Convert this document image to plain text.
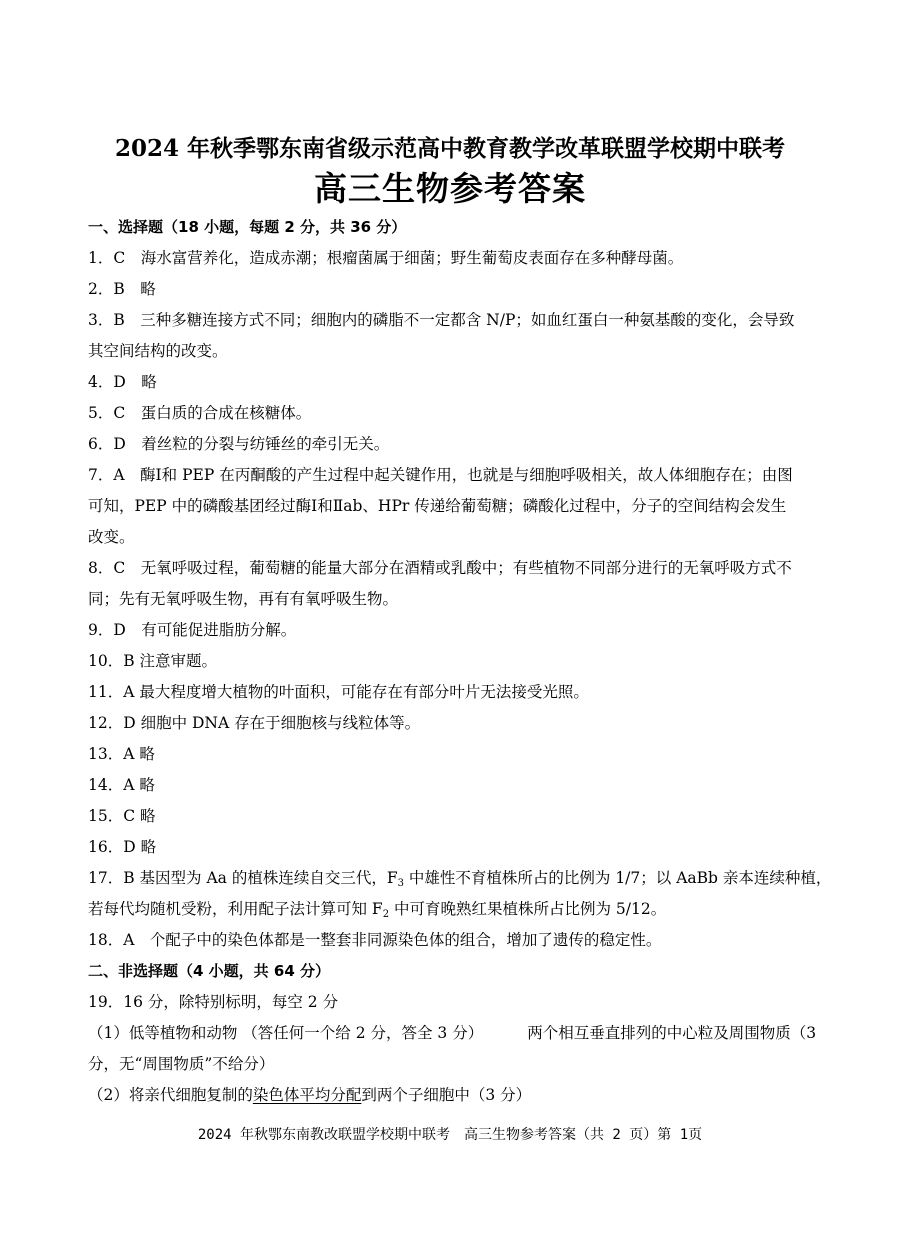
2024 年秋季鄂东南省级示范高中教育教学改革联盟学校期中联考
高三生物参考答案
一、选择题（18 小题，每题 2 分，共 36 分）
1．C　海水富营养化，造成赤潮；根瘤菌属于细菌；野生葡萄皮表面存在多种酵母菌。
2．B　略
3．B　三种多糖连接方式不同；细胞内的磷脂不一定都含 N/P；如血红蛋白一种氨基酸的变化，会导致
其空间结构的改变。
4．D　略
5．C　蛋白质的合成在核糖体。
6．D　着丝粒的分裂与纺锤丝的牵引无关。
7．A　酶Ⅰ和 PEP 在丙酮酸的产生过程中起关键作用，也就是与细胞呼吸相关，故人体细胞存在；由图
可知，PEP 中的磷酸基团经过酶Ⅰ和Ⅱab、HPr 传递给葡萄糖；磷酸化过程中，分子的空间结构会发生
改变。
8．C　无氧呼吸过程，葡萄糖的能量大部分在酒精或乳酸中；有些植物不同部分进行的无氧呼吸方式不
同；先有无氧呼吸生物，再有有氧呼吸生物。
9．D　有可能促进脂肪分解。
10．B 注意审题。
11．A 最大程度增大植物的叶面积，可能存在有部分叶片无法接受光照。
12．D 细胞中 DNA 存在于细胞核与线粒体等。
13．A 略
14．A 略
15．C 略
16．D 略
17．B 基因型为 Aa 的植株连续自交三代，$F_3$ 中雄性不育植株所占的比例为 1/7；以 AaBb 亲本连续种植，
若每代均随机受粉，利用配子法计算可知 $F_2$ 中可育晚熟红果植株所占比例为 5/12。
18．A　个配子中的染色体都是一整套非同源染色体的组合，增加了遗传的稳定性。
二、非选择题（4 小题，共 64 分）
19．16 分，除特别标明，每空 2 分
（1）低等植物和动物 （答任何一个给 2 分，答全 3 分）	两个相互垂直排列的中心粒及周围物质（3
分，无“周围物质”不给分）
（2）将亲代细胞复制的染色体平均分配到两个子细胞中（3 分）
2024 年秋鄂东南教改联盟学校期中联考　高三生物参考答案（共 2 页）第 1页
